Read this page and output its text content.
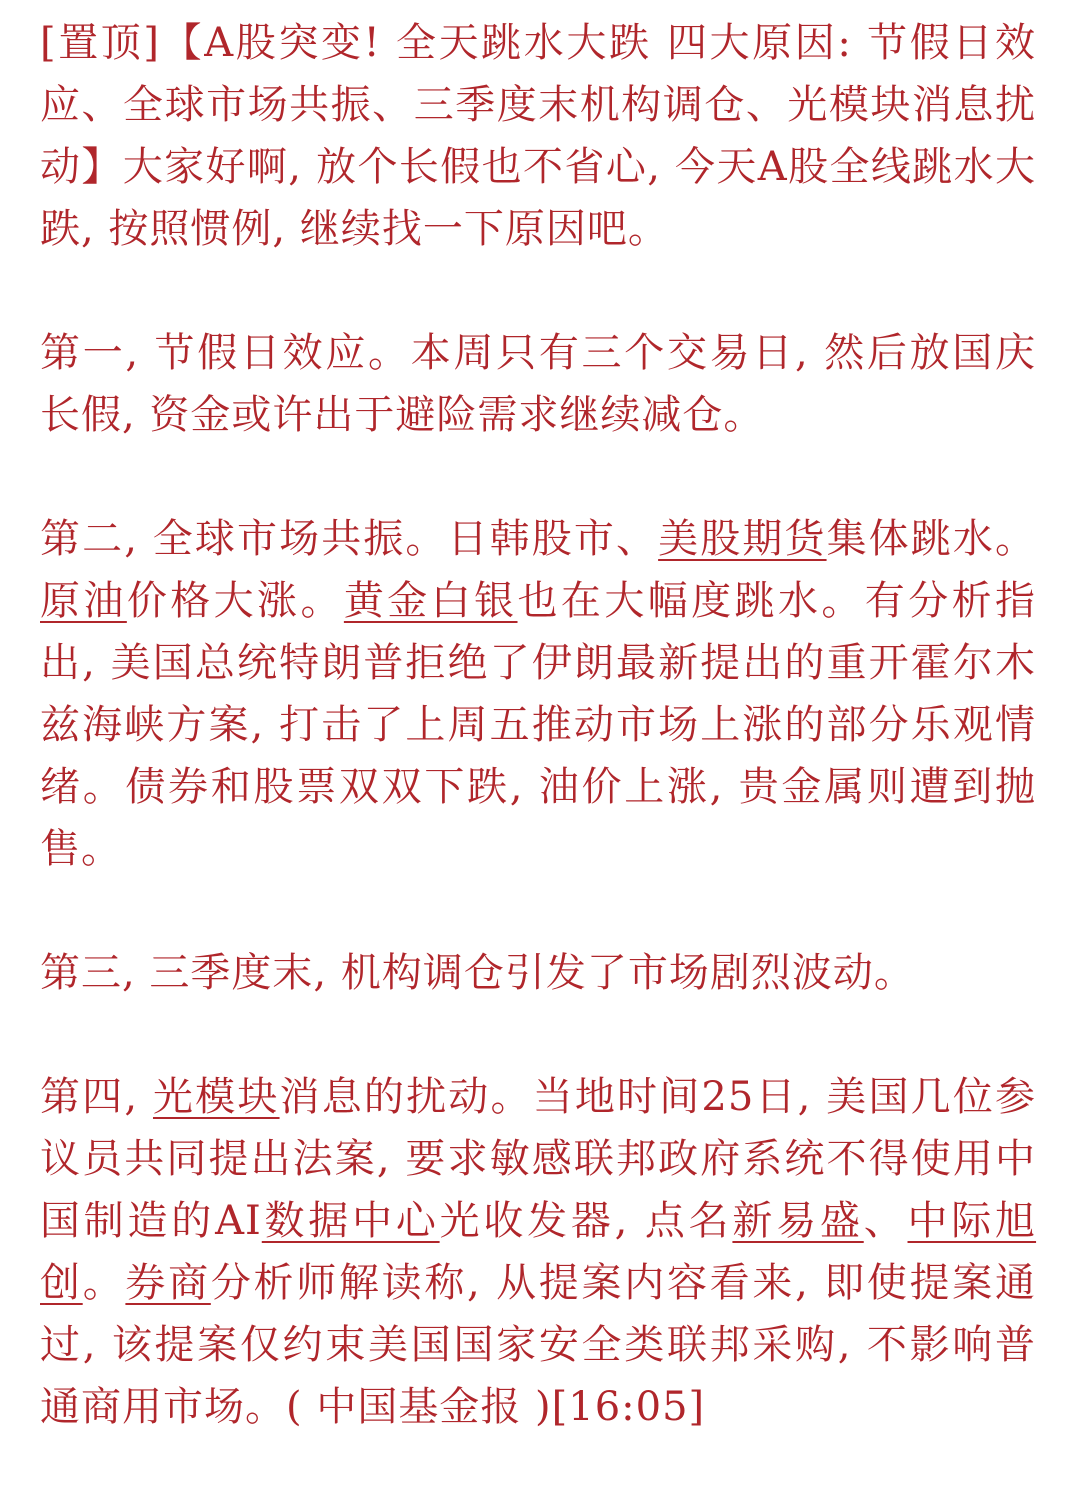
[置顶]【A股突变! 全天跳水大跌 四大原因: 节假日效应、全球市场共振、三季度末机构调仓、光模块消息扰动】大家好啊, 放个长假也不省心, 今天A股全线跳水大跌, 按照惯例, 继续找一下原因吧。

第一, 节假日效应。本周只有三个交易日, 然后放国庆长假, 资金或许出于避险需求继续减仓。

第二, 全球市场共振。日韩股市、美股期货集体跳水。原油价格大涨。黄金白银也在大幅度跳水。有分析指出, 美国总统特朗普拒绝了伊朗最新提出的重开霍尔木兹海峡方案, 打击了上周五推动市场上涨的部分乐观情绪。债券和股票双双下跌, 油价上涨, 贵金属则遭到抛售。

第三, 三季度末, 机构调仓引发了市场剧烈波动。

第四, 光模块消息的扰动。当地时间25日, 美国几位参议员共同提出法案, 要求敏感联邦政府系统不得使用中国制造的AI数据中心光收发器, 点名新易盛、中际旭创。券商分析师解读称, 从提案内容看来, 即使提案通过, 该提案仅约束美国国家安全类联邦采购, 不影响普通商用市场。( 中国基金报 )[16:05]
